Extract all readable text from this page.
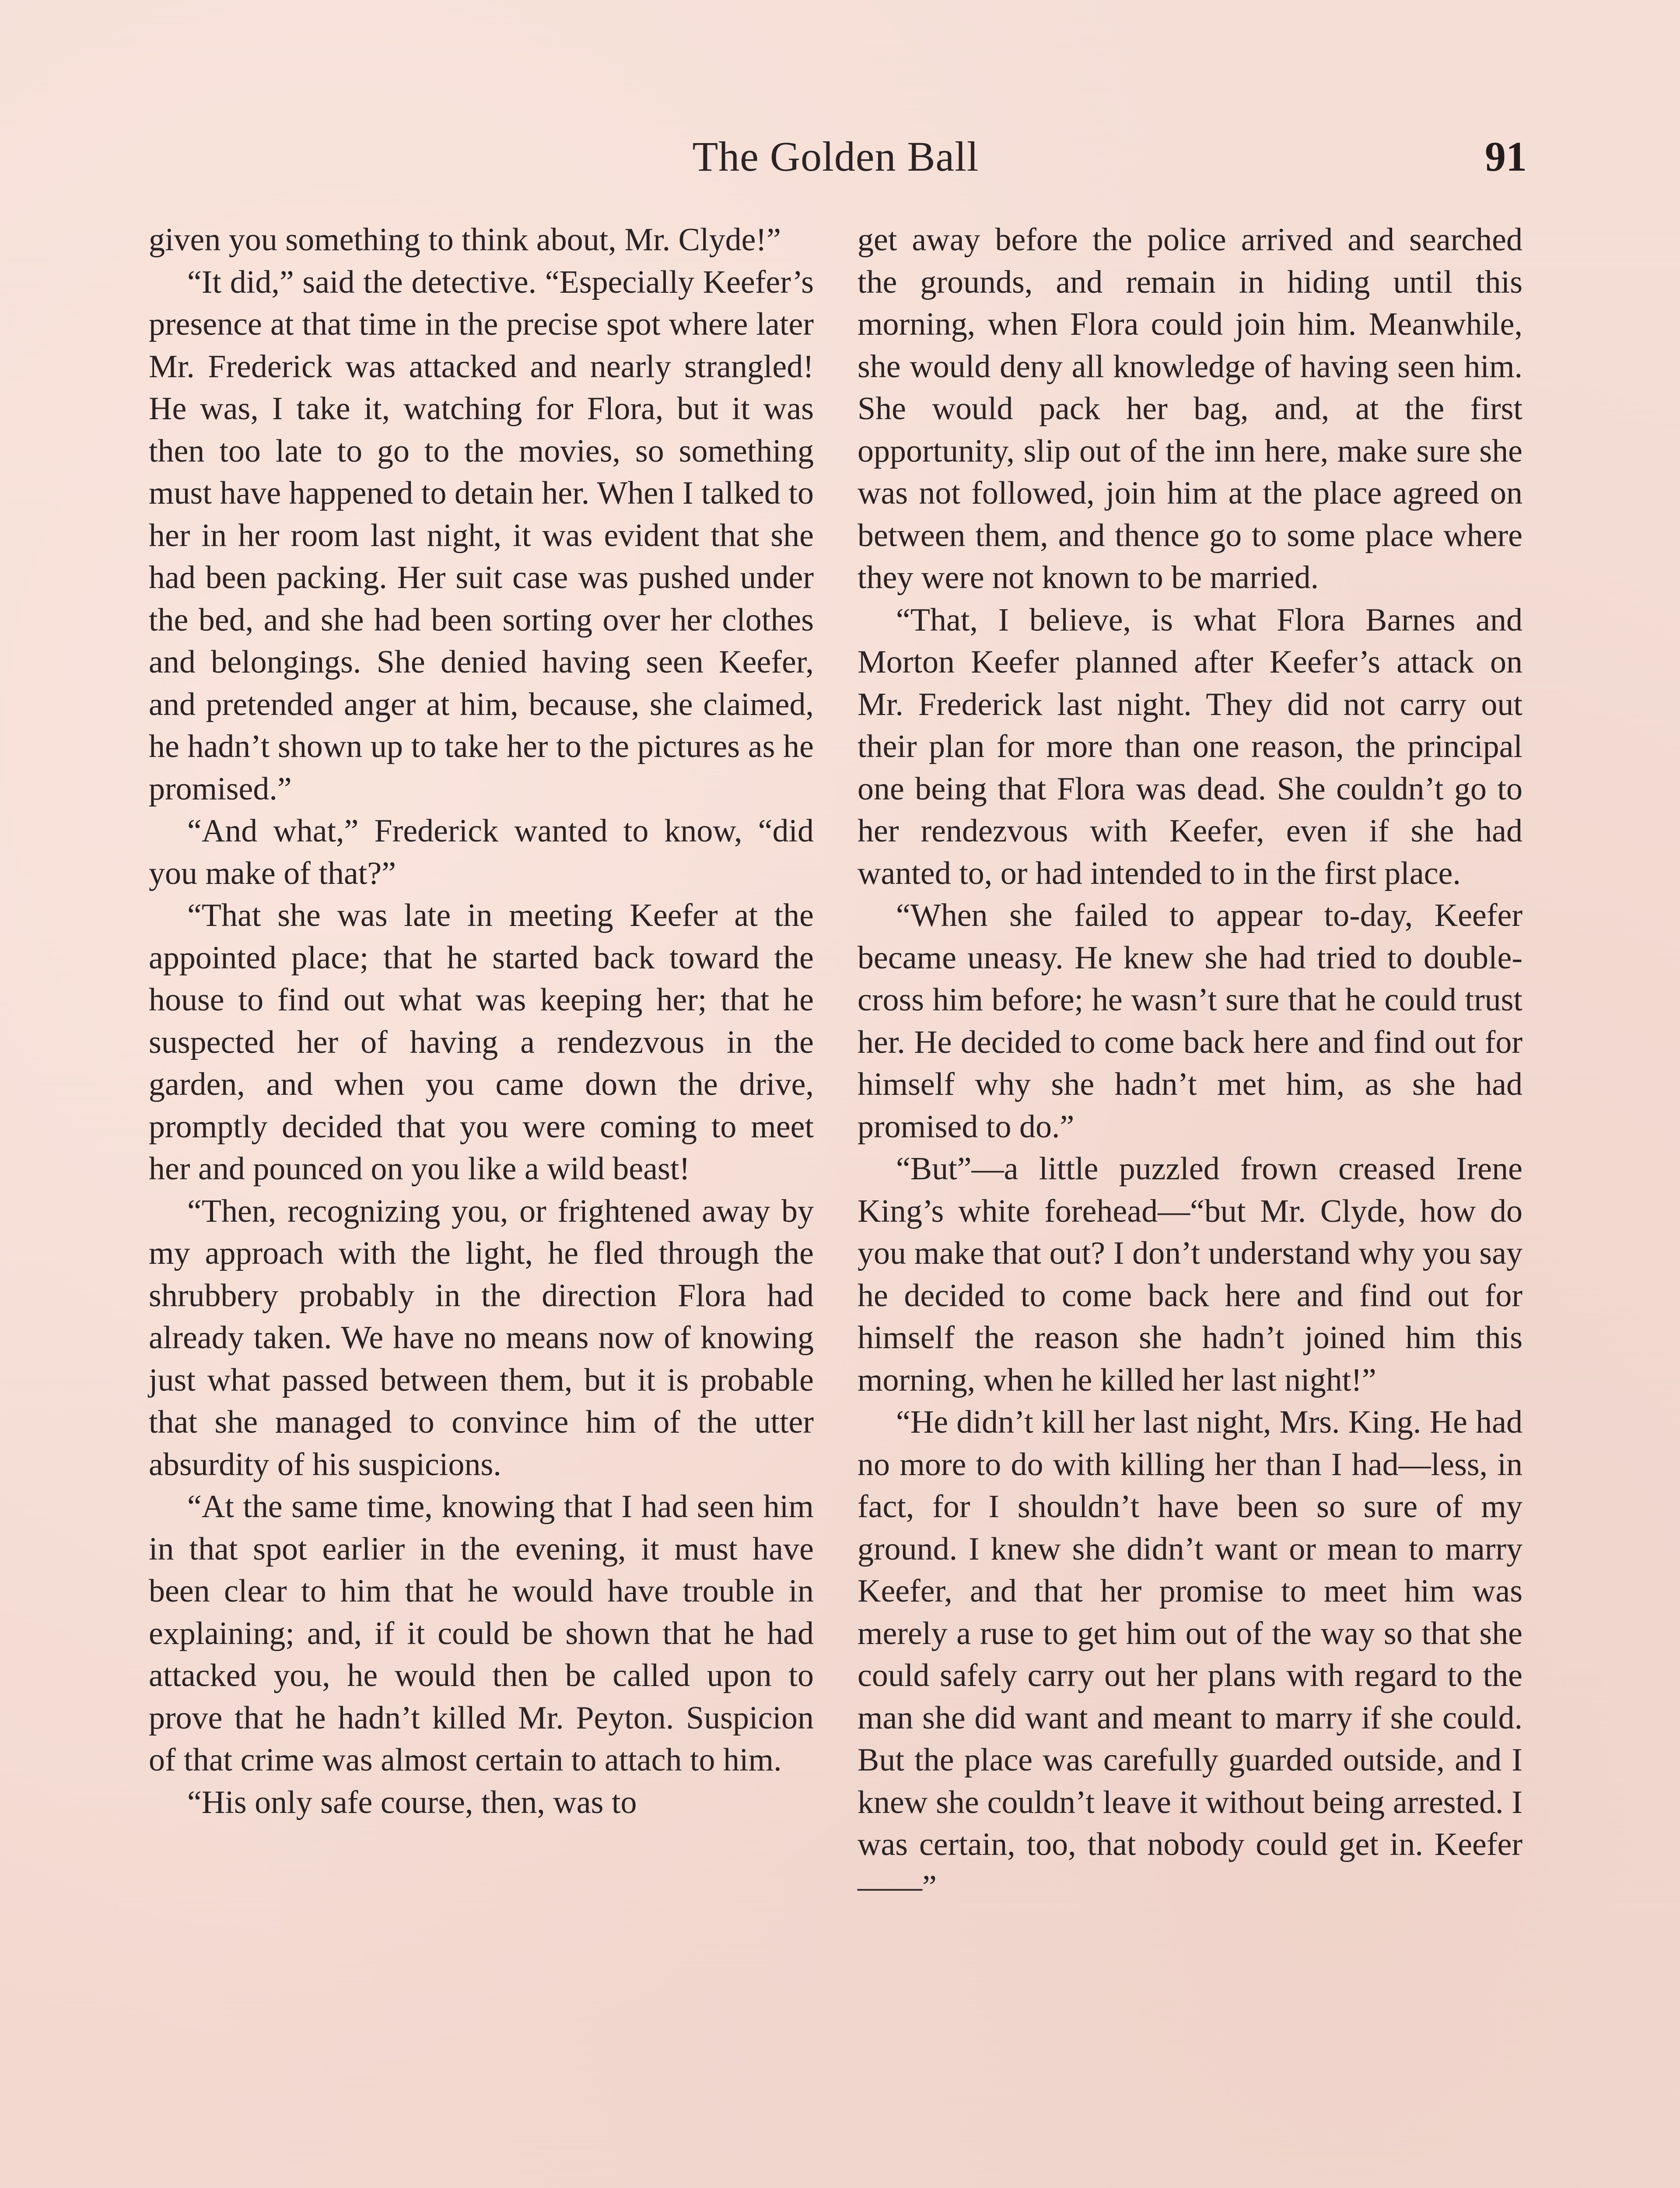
The Golden Ball	91

given you something to think about, Mr. Clyde!”

“It did,” said the detective. “Especially Keefer’s presence at that time in the precise spot where later Mr. Frederick was attacked and nearly strangled! He was, I take it, watching for Flora, but it was then too late to go to the movies, so something must have happened to detain her. When I talked to her in her room last night, it was evident that she had been packing. Her suit case was pushed under the bed, and she had been sorting over her clothes and belongings. She denied having seen Keefer, and pretended anger at him, because, she claimed, he hadn’t shown up to take her to the pictures as he promised.”

“And what,” Frederick wanted to know, “did you make of that?”

“That she was late in meeting Keefer at the appointed place; that he started back toward the house to find out what was keeping her; that he suspected her of having a rendezvous in the garden, and when you came down the drive, promptly decided that you were coming to meet her and pounced on you like a wild beast!

“Then, recognizing you, or frightened away by my approach with the light, he fled through the shrubbery probably in the direction Flora had already taken. We have no means now of knowing just what passed between them, but it is probable that she managed to convince him of the utter absurdity of his suspicions.

“At the same time, knowing that I had seen him in that spot earlier in the evening, it must have been clear to him that he would have trouble in explaining; and, if it could be shown that he had attacked you, he would then be called upon to prove that he hadn’t killed Mr. Peyton. Suspicion of that crime was almost certain to attach to him.

“His only safe course, then, was to

get away before the police arrived and searched the grounds, and remain in hiding until this morning, when Flora could join him. Meanwhile, she would deny all knowledge of having seen him. She would pack her bag, and, at the first opportunity, slip out of the inn here, make sure she was not followed, join him at the place agreed on between them, and thence go to some place where they were not known to be married.

“That, I believe, is what Flora Barnes and Morton Keefer planned after Keefer’s attack on Mr. Frederick last night. They did not carry out their plan for more than one reason, the principal one being that Flora was dead. She couldn’t go to her rendezvous with Keefer, even if she had wanted to, or had intended to in the first place.

“When she failed to appear to-day, Keefer became uneasy. He knew she had tried to double-cross him before; he wasn’t sure that he could trust her. He decided to come back here and find out for himself why she hadn’t met him, as she had promised to do.”

“But”—a little puzzled frown creased Irene King’s white forehead—“but Mr. Clyde, how do you make that out? I don’t understand why you say he decided to come back here and find out for himself the reason she hadn’t joined him this morning, when he killed her last night!”

“He didn’t kill her last night, Mrs. King. He had no more to do with killing her than I had—less, in fact, for I shouldn’t have been so sure of my ground. I knew she didn’t want or mean to marry Keefer, and that her promise to meet him was merely a ruse to get him out of the way so that she could safely carry out her plans with regard to the man she did want and meant to marry if she could. But the place was carefully guarded outside, and I knew she couldn’t leave it without being arrested. I was certain, too, that nobody could get in. Keefer——”
